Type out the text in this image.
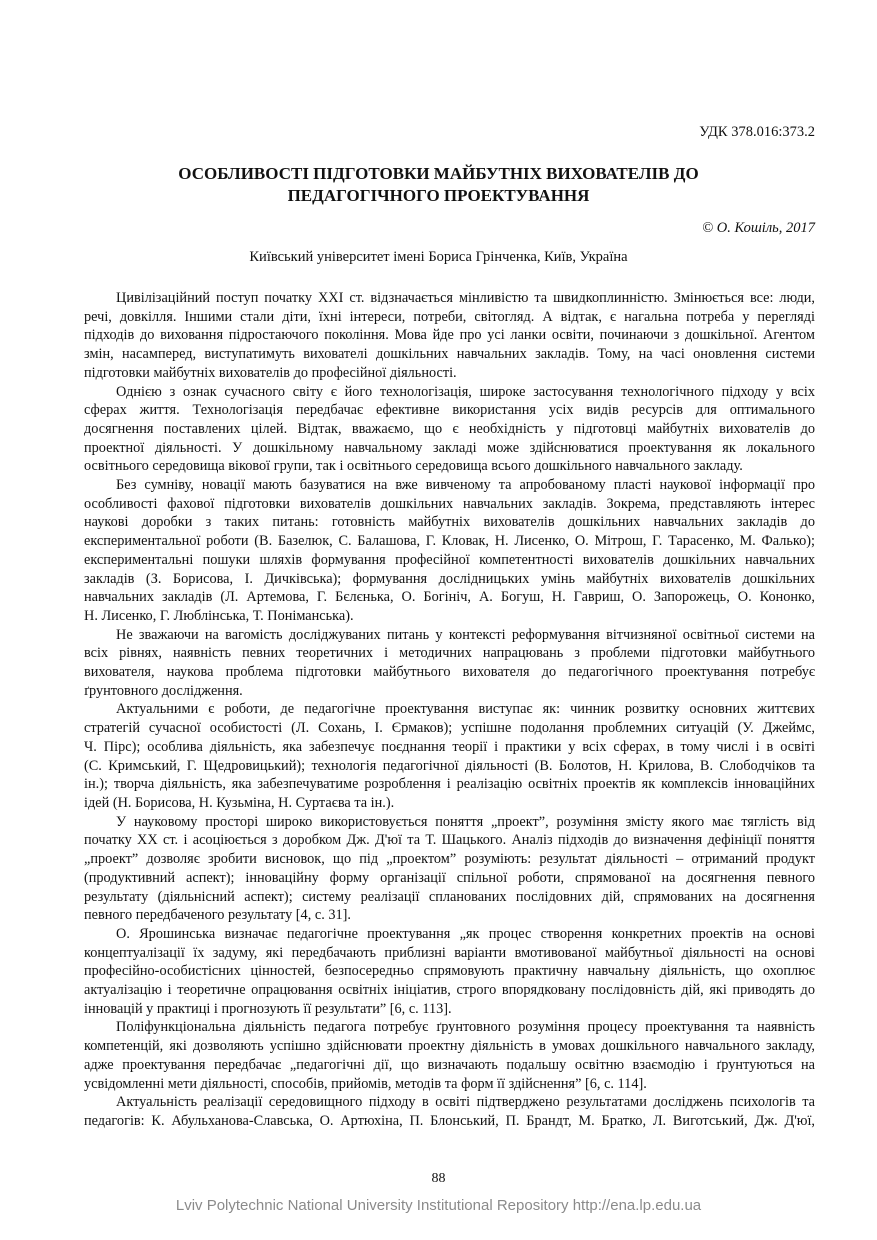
УДК 378.016:373.2
ОСОБЛИВОСТІ ПІДГОТОВКИ МАЙБУТНІХ ВИХОВАТЕЛІВ ДО
ПЕДАГОГІЧНОГО ПРОЕКТУВАННЯ
© О. Кошіль, 2017
Київський університет імені Бориса Грінченка, Київ, Україна
Цивілізаційний поступ початку ХХІ ст. відзначається мінливістю та швидкоплинністю. Змінюється все: люди,
речі, довкілля. Іншими стали діти, їхні інтереси, потреби, світогляд. А відтак, є нагальна потреба у перегляді
підходів до виховання підростаючого покоління. Мова йде про усі ланки освіти, починаючи з дошкільної. Агентом
змін, насамперед, виступатимуть вихователі дошкільних навчальних закладів. Тому, на часі оновлення системи
підготовки майбутніх вихователів до професійної діяльності.
Однією з ознак сучасного світу є його технологізація, широке застосування технологічного підходу у всіх
сферах життя. Технологізація передбачає ефективне використання усіх видів ресурсів для оптимального
досягнення поставлених цілей. Відтак, вважаємо, що є необхідність у підготовці майбутніх вихователів до
проектної діяльності. У дошкільному навчальному закладі може здійснюватися проектування як локального
освітнього середовища вікової групи, так і освітнього середовища всього дошкільного навчального закладу.
Без сумніву, новації мають базуватися на вже вивченому та апробованому пласті наукової інформації про
особливості фахової підготовки вихователів дошкільних навчальних закладів. Зокрема, представляють інтерес
наукові доробки з таких питань: готовність майбутніх вихователів дошкільних навчальних закладів до
експериментальної роботи (В. Базелюк, С. Балашова, Г. Кловак, Н. Лисенко, О. Мітрош, Г. Тарасенко, М. Фалько);
експериментальні пошуки шляхів формування професійної компетентності вихователів дошкільних навчальних
закладів (З. Борисова, І. Дичківська); формування дослідницьких умінь майбутніх вихователів дошкільних
навчальних закладів (Л. Артемова, Г. Бєлєнька, О. Богініч, А. Богуш, Н. Гавриш, О. Запорожець, О. Кононко,
Н. Лисенко, Г. Люблінська, Т. Поніманська).
Не зважаючи на вагомість досліджуваних питань у контексті реформування вітчизняної освітньої системи на
всіх рівнях, наявність певних теоретичних і методичних напрацювань з проблеми підготовки майбутнього
вихователя, наукова проблема підготовки майбутнього вихователя до педагогічного проектування потребує
ґрунтовного дослідження.
Актуальними є роботи, де педагогічне проектування виступає як: чинник розвитку основних життєвих
стратегій сучасної особистості (Л. Сохань, І. Єрмаков); успішне подолання проблемних ситуацій (У. Джеймс,
Ч. Пірс); особлива діяльність, яка забезпечує поєднання теорії і практики у всіх сферах, в тому числі і в освіті
(С. Кримський, Г. Щедровицький); технологія педагогічної діяльності (В. Болотов, Н. Крилова, В. Слободчіков та
ін.); творча діяльність, яка забезпечуватиме розроблення і реалізацію освітніх проектів як комплексів інноваційних
ідей (Н. Борисова, Н. Кузьміна, Н. Суртаєва та ін.).
У науковому просторі широко використовується поняття „проект”, розуміння змісту якого має тяглість від
початку ХХ ст. і асоціюється з доробком Дж. Д'юї та Т. Шацького. Аналіз підходів до визначення дефініції поняття
„проект” дозволяє зробити висновок, що під „проектом” розуміють: результат діяльності – отриманий продукт
(продуктивний аспект); інноваційну форму організації спільної роботи, спрямованої на досягнення певного
результату (діяльнісний аспект); систему реалізації спланованих послідовних дій, спрямованих на досягнення
певного передбаченого результату [4, с. 31].
О. Ярошинська визначає педагогічне проектування „як процес створення конкретних проектів на основі
концептуалізації їх задуму, які передбачають приблизні варіанти вмотивованої майбутньої діяльності на основі
професійно-особистісних цінностей, безпосередньо спрямовують практичну навчальну діяльність, що охоплює
актуалізацію і теоретичне опрацювання освітніх ініціатив, строго впорядковану послідовність дій, які приводять до
інновацій у практиці і прогнозують її результати” [6, с. 113].
Поліфункціональна діяльність педагога потребує ґрунтовного розуміння процесу проектування та наявність
компетенцій, які дозволяють успішно здійснювати проектну діяльність в умовах дошкільного навчального закладу,
адже проектування передбачає „педагогічні дії, що визначають подальшу освітню взаємодію і ґрунтуються на
усвідомленні мети діяльності, способів, прийомів, методів та форм її здійснення” [6, с. 114].
Актуальність реалізації середовищного підходу в освіті підтверджено результатами досліджень психологів та
педагогів: К. Абульханова-Славська, О. Артюхіна, П. Блонський, П. Брандт, М. Братко, Л. Виготський, Дж. Д'юї,
88
Lviv Polytechnic National University Institutional Repository http://ena.lp.edu.ua
